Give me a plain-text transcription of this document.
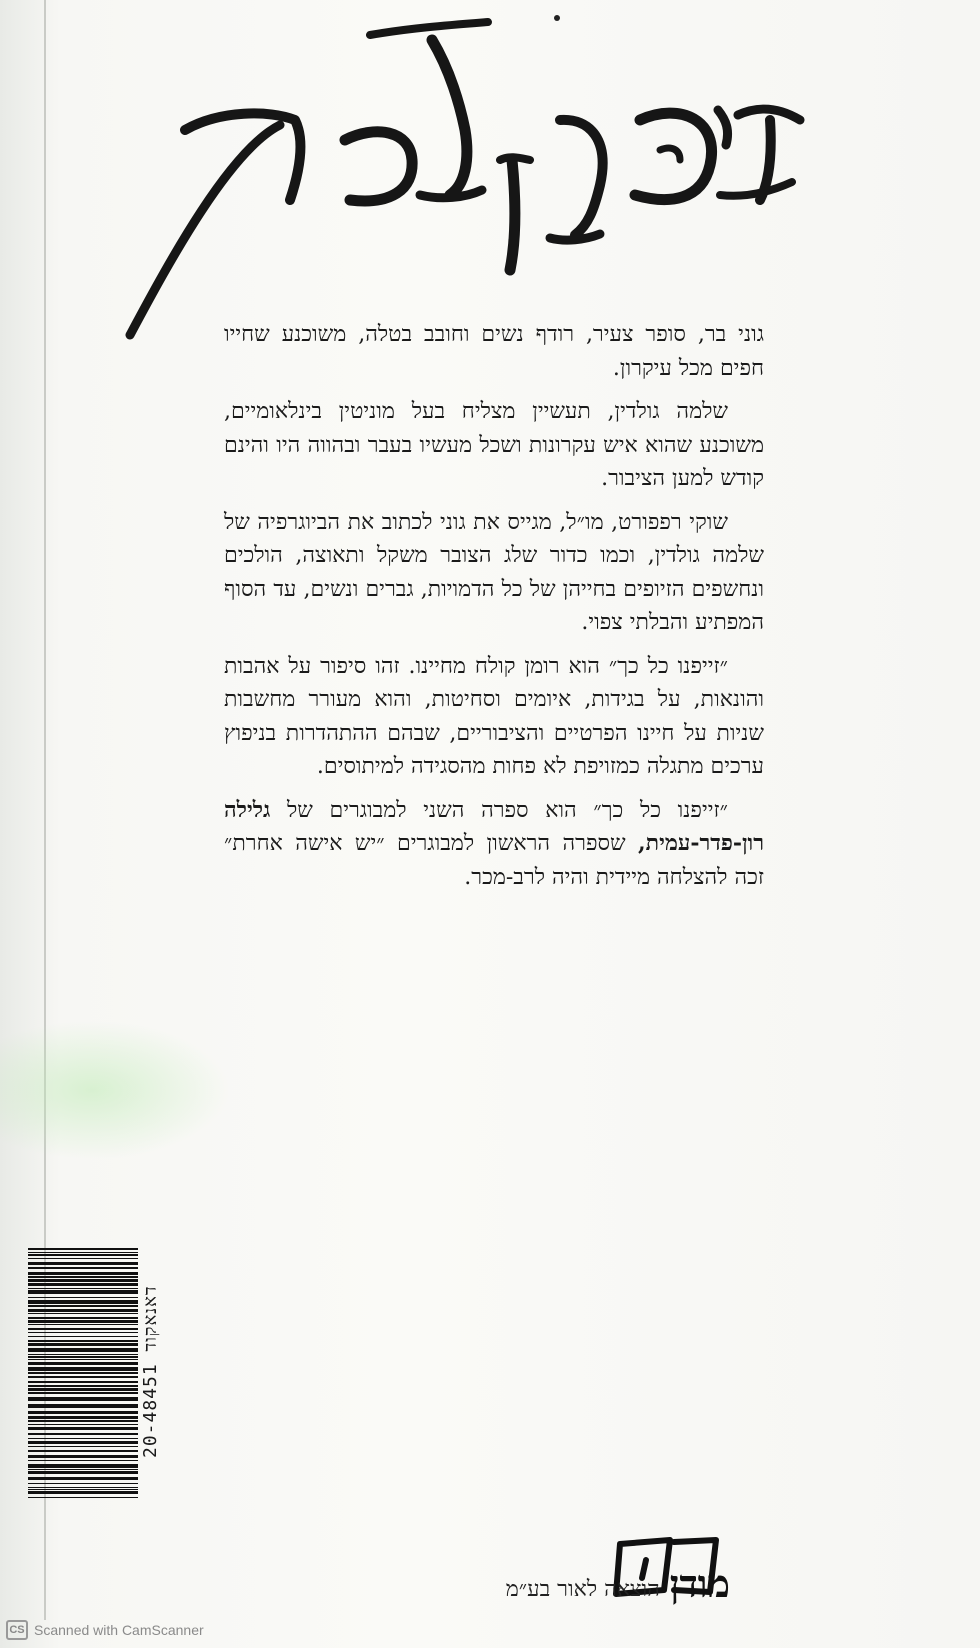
גוני בר, סופר צעיר, רודף נשים וחובב בטלה, משוכנע שחייו חפים מכל עיקרון.

שלמה גולדין, תעשיין מצליח בעל מוניטין בינלאומיים, משוכנע שהוא איש עקרונות ושכל מעשיו בעבר ובהווה היו והינם קודש למען הציבור.

שוקי רפפורט, מו״ל, מגייס את גוני לכתוב את הביוגרפיה של שלמה גולדין, וכמו כדור שלג הצובר משקל ותאוצה, הולכים ונחשפים הזיופים בחייהן של כל הדמויות, גברים ונשים, עד הסוף המפתיע והבלתי צפוי.

״זייפנו כל כך״ הוא רומן קולח מחיינו. זהו סיפור על אהבות והונאות, על בגידות, איומים וסחיטות, והוא מעורר מחשבות שניות על חיינו הפרטיים והציבוריים, שבהם ההתהדרות בניפוץ ערכים מתגלה כמזויפת לא פחות מהסגידה למיתוסים.

״זייפנו כל כך״ הוא ספרה השני למבוגרים של גלילה רון-פדר-עמית, שספרה הראשון למבוגרים ״יש אישה אחרת״ זכה להצלחה מיידית והיה לרב-מכר.

20-48451 דאנאקוד
מודן
הוצאה לאור בע״מ
CS Scanned with CamScanner
